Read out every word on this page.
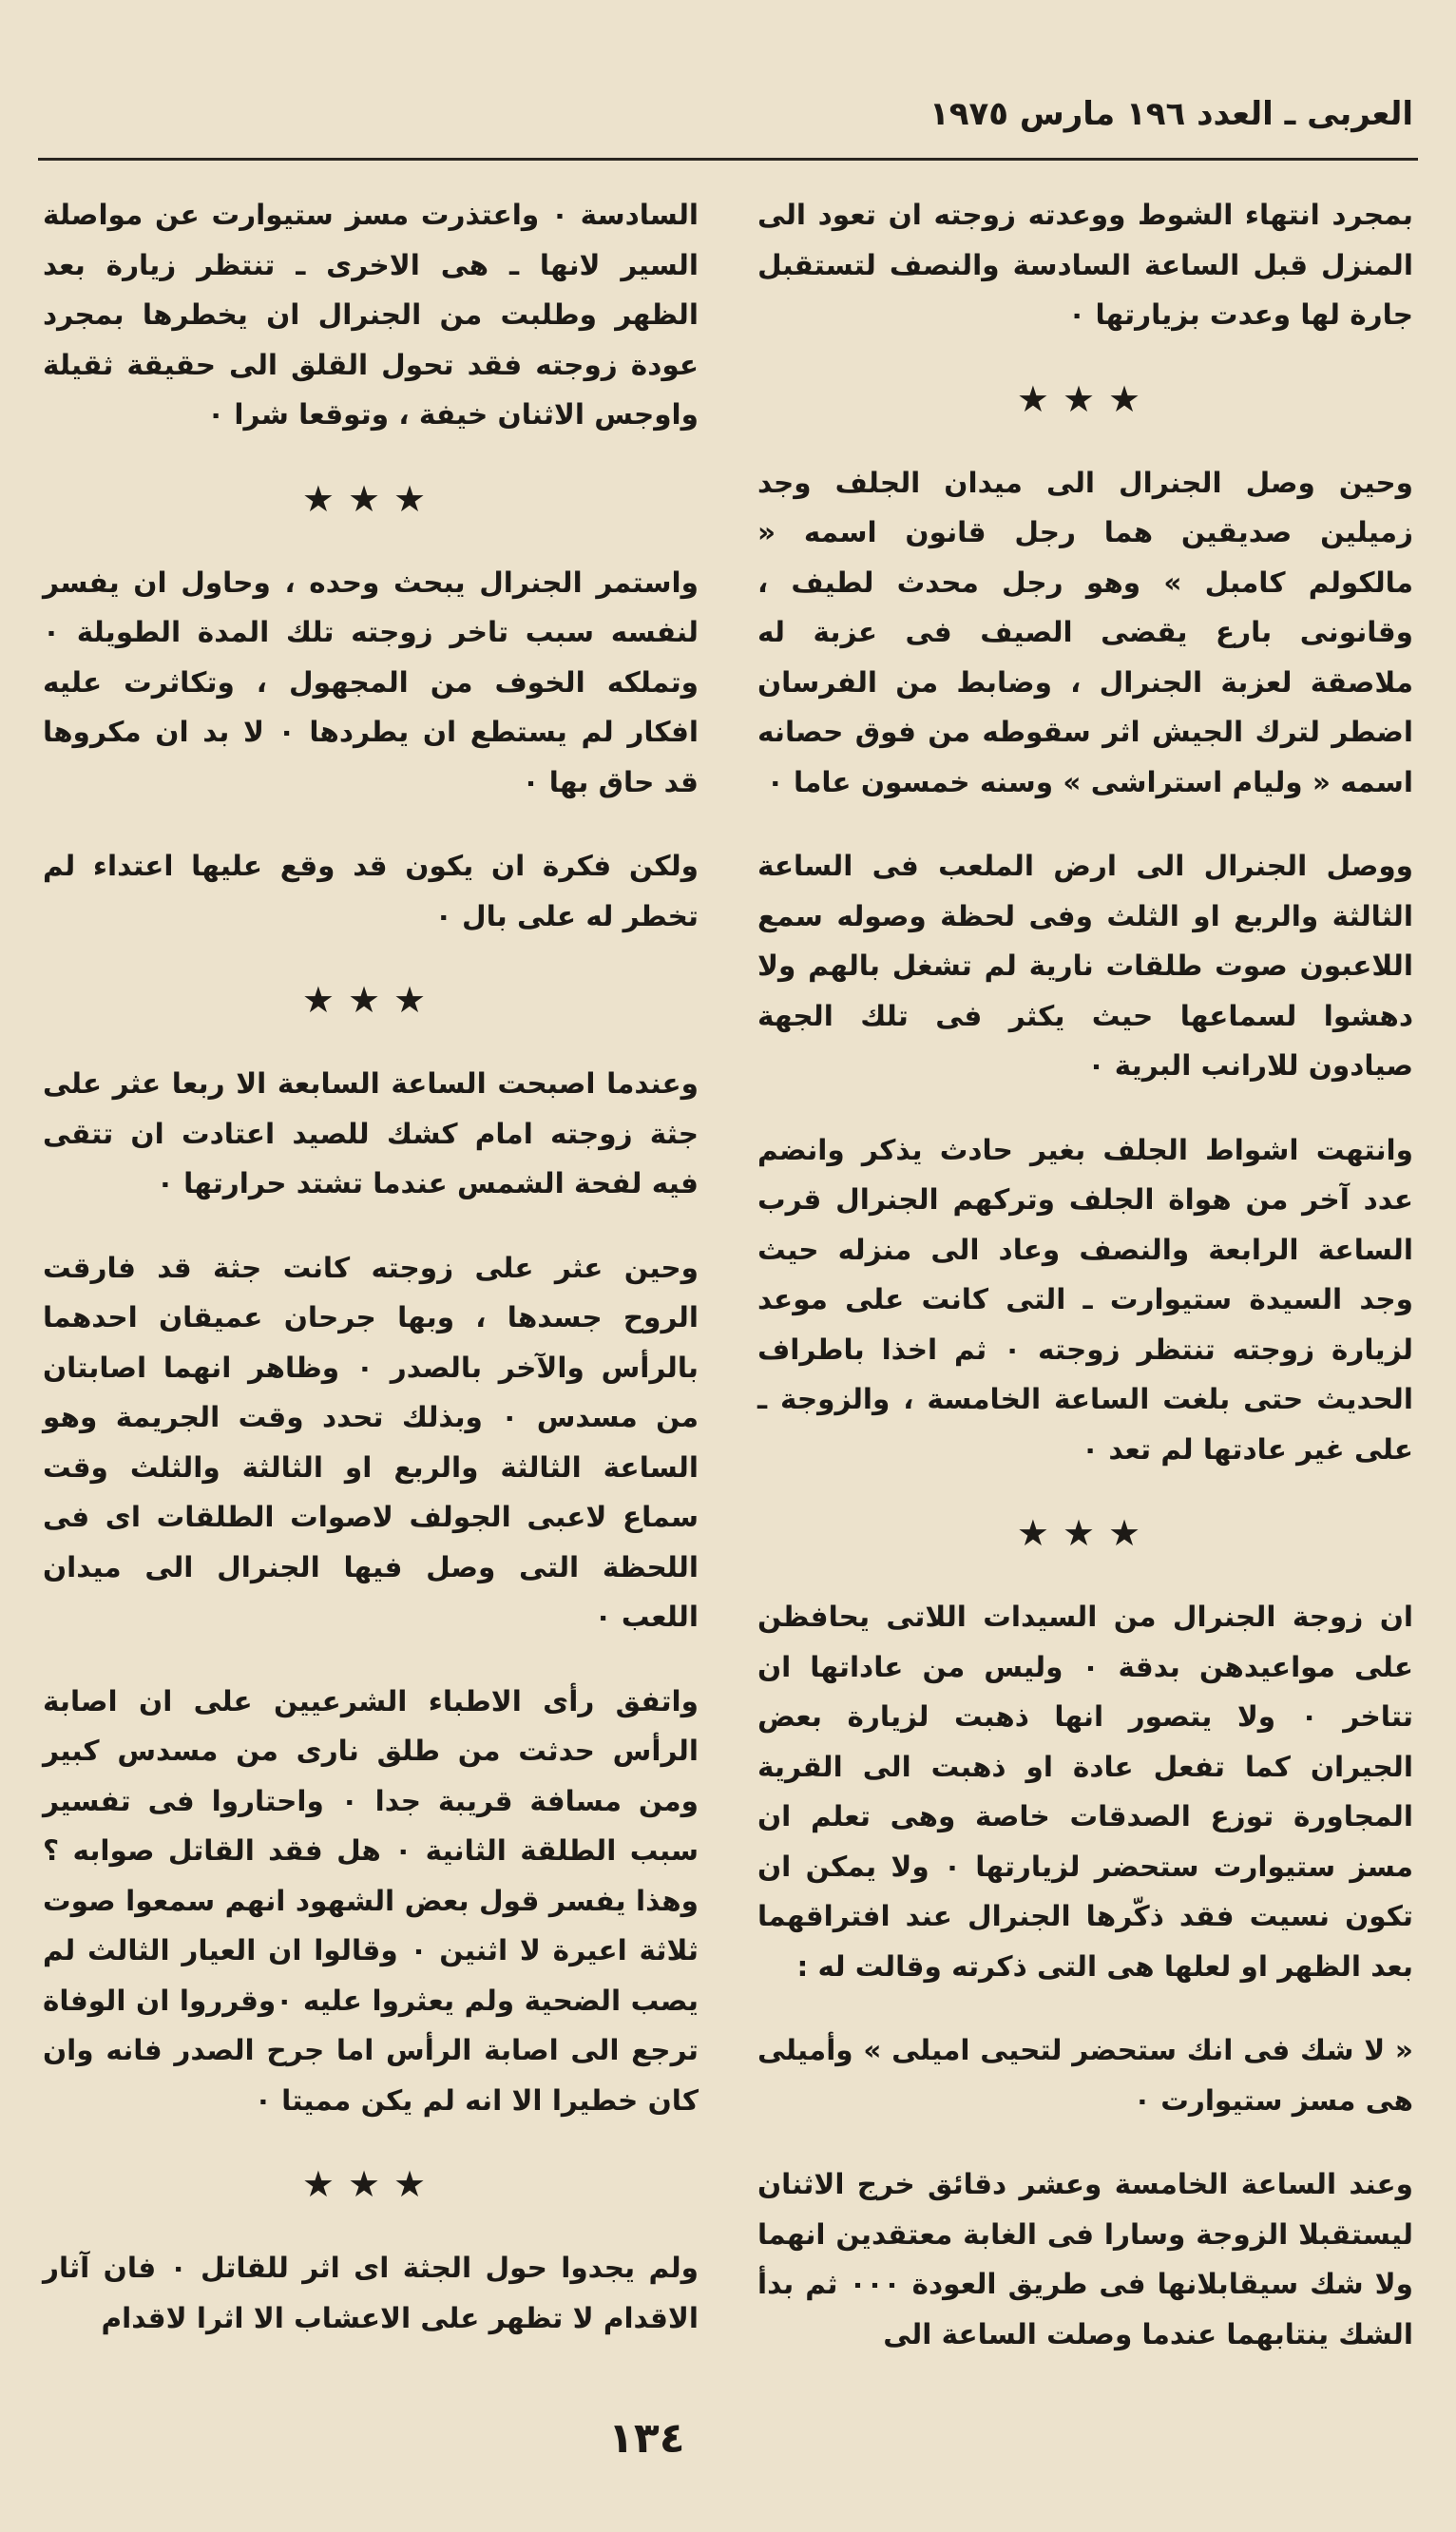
العربى ـ العدد ١٩٦ مارس ١٩٧٥
بمجرد انتهاء الشوط ووعدته زوجته ان تعود الى المنزل قبل الساعة السادسة والنصف لتستقبل جارة لها وعدت بزيارتها ٠
★★★
وحين وصل الجنرال الى ميدان الجلف وجد زميلين صديقين هما رجل قانون اسمه « مالكولم كامبل » وهو رجل محدث لطيف ، وقانونى بارع يقضى الصيف فى عزبة له ملاصقة لعزبة الجنرال ، وضابط من الفرسان اضطر لترك الجيش اثر سقوطه من فوق حصانه اسمه « وليام استراشى » وسنه خمسون عاما ٠
ووصل الجنرال الى ارض الملعب فى الساعة الثالثة والربع او الثلث وفى لحظة وصوله سمع اللاعبون صوت طلقات نارية لم تشغل بالهم ولا دهشوا لسماعها حيث يكثر فى تلك الجهة صيادون للارانب البرية ٠
وانتهت اشواط الجلف بغير حادث يذكر وانضم عدد آخر من هواة الجلف وتركهم الجنرال قرب الساعة الرابعة والنصف وعاد الى منزله حيث وجد السيدة ستيوارت ـ التى كانت على موعد لزيارة زوجته تنتظر زوجته ٠ ثم اخذا باطراف الحديث حتى بلغت الساعة الخامسة ، والزوجة ـ على غير عادتها لم تعد ٠
★★★
ان زوجة الجنرال من السيدات اللاتى يحافظن على مواعيدهن بدقة ٠ وليس من عاداتها ان تتاخر ٠ ولا يتصور انها ذهبت لزيارة بعض الجيران كما تفعل عادة او ذهبت الى القرية المجاورة توزع الصدقات خاصة وهى تعلم ان مسز ستيوارت ستحضر لزيارتها ٠ ولا يمكن ان تكون نسيت فقد ذكّرها الجنرال عند افتراقهما بعد الظهر او لعلها هى التى ذكرته وقالت له :
« لا شك فى انك ستحضر لتحيى اميلى » وأميلى هى مسز ستيوارت ٠
وعند الساعة الخامسة وعشر دقائق خرج الاثنان ليستقبلا الزوجة وسارا فى الغابة معتقدين انهما ولا شك سيقابلانها فى طريق العودة ٠٠٠ ثم بدأ الشك ينتابهما عندما وصلت الساعة الى
السادسة ٠ واعتذرت مسز ستيوارت عن مواصلة السير لانها ـ هى الاخرى ـ تنتظر زيارة بعد الظهر وطلبت من الجنرال ان يخطرها بمجرد عودة زوجته فقد تحول القلق الى حقيقة ثقيلة واوجس الاثنان خيفة ، وتوقعا شرا ٠
★★★
واستمر الجنرال يبحث وحده ، وحاول ان يفسر لنفسه سبب تاخر زوجته تلك المدة الطويلة ٠ وتملكه الخوف من المجهول ، وتكاثرت عليه افكار لم يستطع ان يطردها ٠ لا بد ان مكروها قد حاق بها ٠
ولكن فكرة ان يكون قد وقع عليها اعتداء لم تخطر له على بال ٠
★★★
وعندما اصبحت الساعة السابعة الا ربعا عثر على جثة زوجته امام كشك للصيد اعتادت ان تتقى فيه لفحة الشمس عندما تشتد حرارتها ٠
وحين عثر على زوجته كانت جثة قد فارقت الروح جسدها ، وبها جرحان عميقان احدهما بالرأس والآخر بالصدر ٠ وظاهر انهما اصابتان من مسدس ٠ وبذلك تحدد وقت الجريمة وهو الساعة الثالثة والربع او الثالثة والثلث وقت سماع لاعبى الجولف لاصوات الطلقات اى فى اللحظة التى وصل فيها الجنرال الى ميدان اللعب ٠
واتفق رأى الاطباء الشرعيين على ان اصابة الرأس حدثت من طلق نارى من مسدس كبير ومن مسافة قريبة جدا ٠ واحتاروا فى تفسير سبب الطلقة الثانية ٠ هل فقد القاتل صوابه ؟ وهذا يفسر قول بعض الشهود انهم سمعوا صوت ثلاثة اعيرة لا اثنين ٠ وقالوا ان العيار الثالث لم يصب الضحية ولم يعثروا عليه ٠وقرروا ان الوفاة ترجع الى اصابة الرأس اما جرح الصدر فانه وان كان خطيرا الا انه لم يكن مميتا ٠
★★★
ولم يجدوا حول الجثة اى اثر للقاتل ٠ فان آثار الاقدام لا تظهر على الاعشاب الا اثرا لاقدام
١٣٤
